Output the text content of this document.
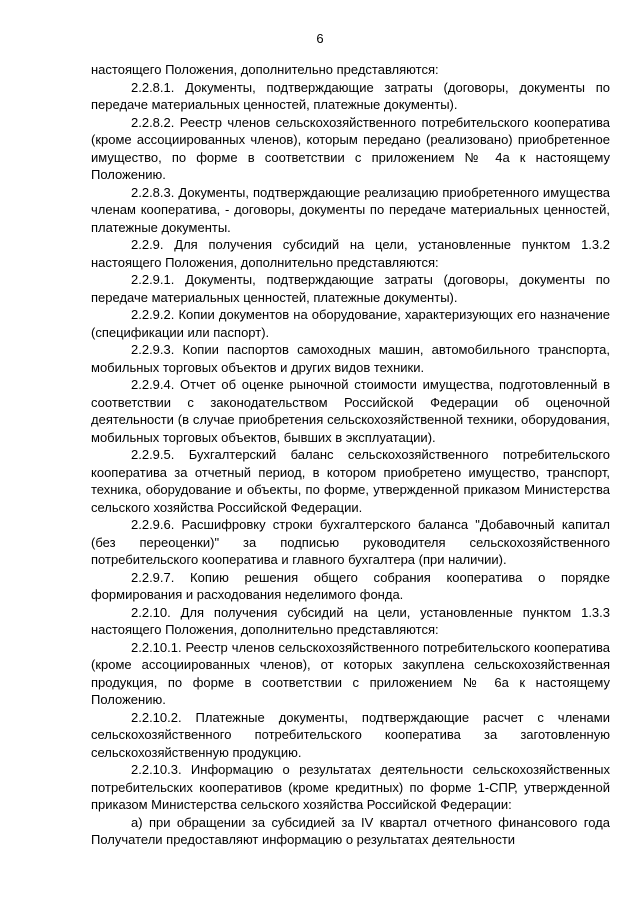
6

настоящего Положения, дополнительно представляются:

2.2.8.1. Документы, подтверждающие затраты (договоры, документы по передаче материальных ценностей, платежные документы).

2.2.8.2. Реестр членов сельскохозяйственного потребительского кооператива (кроме ассоциированных членов), которым передано (реализовано) приобретенное имущество, по форме в соответствии с приложением № 4а к настоящему Положению.

2.2.8.3. Документы, подтверждающие реализацию приобретенного имущества членам кооператива, - договоры, документы по передаче материальных ценностей, платежные документы.

2.2.9. Для получения субсидий на цели, установленные пунктом 1.3.2 настоящего Положения, дополнительно представляются:

2.2.9.1. Документы, подтверждающие затраты (договоры, документы по передаче материальных ценностей, платежные документы).

2.2.9.2. Копии документов на оборудование, характеризующих его назначение (спецификации или паспорт).

2.2.9.3. Копии паспортов самоходных машин, автомобильного транспорта, мобильных торговых объектов и других видов техники.

2.2.9.4. Отчет об оценке рыночной стоимости имущества, подготовленный в соответствии с законодательством Российской Федерации об оценочной деятельности (в случае приобретения сельскохозяйственной техники, оборудования, мобильных торговых объектов, бывших в эксплуатации).

2.2.9.5. Бухгалтерский баланс сельскохозяйственного потребительского кооператива за отчетный период, в котором приобретено имущество, транспорт, техника, оборудование и объекты, по форме, утвержденной приказом Министерства сельского хозяйства Российской Федерации.

2.2.9.6. Расшифровку строки бухгалтерского баланса "Добавочный капитал (без переоценки)" за подписью руководителя сельскохозяйственного потребительского кооператива и главного бухгалтера (при наличии).

2.2.9.7. Копию решения общего собрания кооператива о порядке формирования и расходования неделимого фонда.

2.2.10. Для получения субсидий на цели, установленные пунктом 1.3.3 настоящего Положения, дополнительно представляются:

2.2.10.1. Реестр членов сельскохозяйственного потребительского кооператива (кроме ассоциированных членов), от которых закуплена сельскохозяйственная продукция, по форме в соответствии с приложением № 6а к настоящему Положению.

2.2.10.2. Платежные документы, подтверждающие расчет с членами сельскохозяйственного потребительского кооператива за заготовленную сельскохозяйственную продукцию.

2.2.10.3. Информацию о результатах деятельности сельскохозяйственных потребительских кооперативов (кроме кредитных) по форме 1-СПР, утвержденной приказом Министерства сельского хозяйства Российской Федерации:

а) при обращении за субсидией за IV квартал отчетного финансового года Получатели предоставляют информацию о результатах деятельности
